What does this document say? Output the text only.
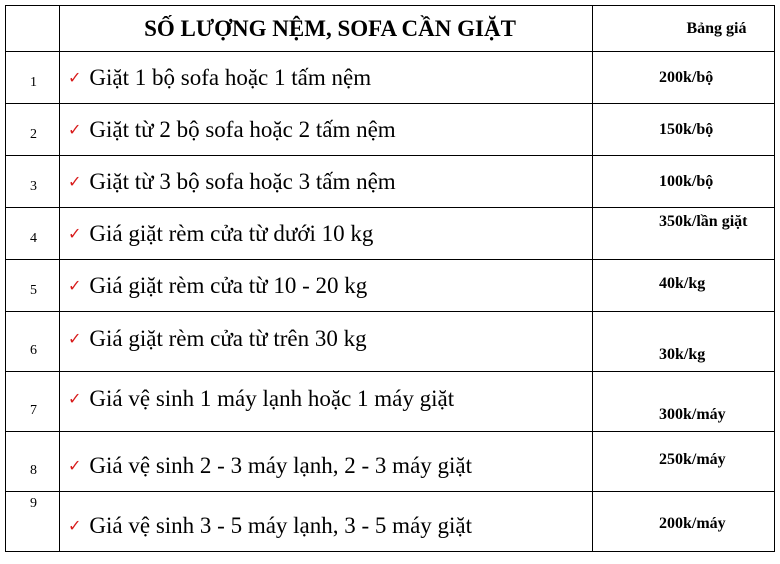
	SỐ LƯỢNG NỆM, SOFA CẦN GIẶT	Bảng giá
1	✓ Giặt 1 bộ sofa hoặc 1 tấm nệm	200k/bộ
2	✓ Giặt từ 2 bộ sofa hoặc 2 tấm nệm	150k/bộ
3	✓ Giặt từ 3 bộ sofa hoặc 3 tấm nệm	100k/bộ
4	✓ Giá giặt rèm cửa từ dưới 10 kg	350k/lần giặt
5	✓ Giá giặt rèm cửa từ 10 - 20 kg	40k/kg
6	✓ Giá giặt rèm cửa từ trên 30 kg	30k/kg
7	✓ Giá vệ sinh 1 máy lạnh hoặc 1 máy giặt	300k/máy
8	✓ Giá vệ sinh 2 - 3 máy lạnh, 2 - 3 máy giặt	250k/máy
9	✓ Giá vệ sinh 3 - 5 máy lạnh, 3 - 5 máy giặt	200k/máy
